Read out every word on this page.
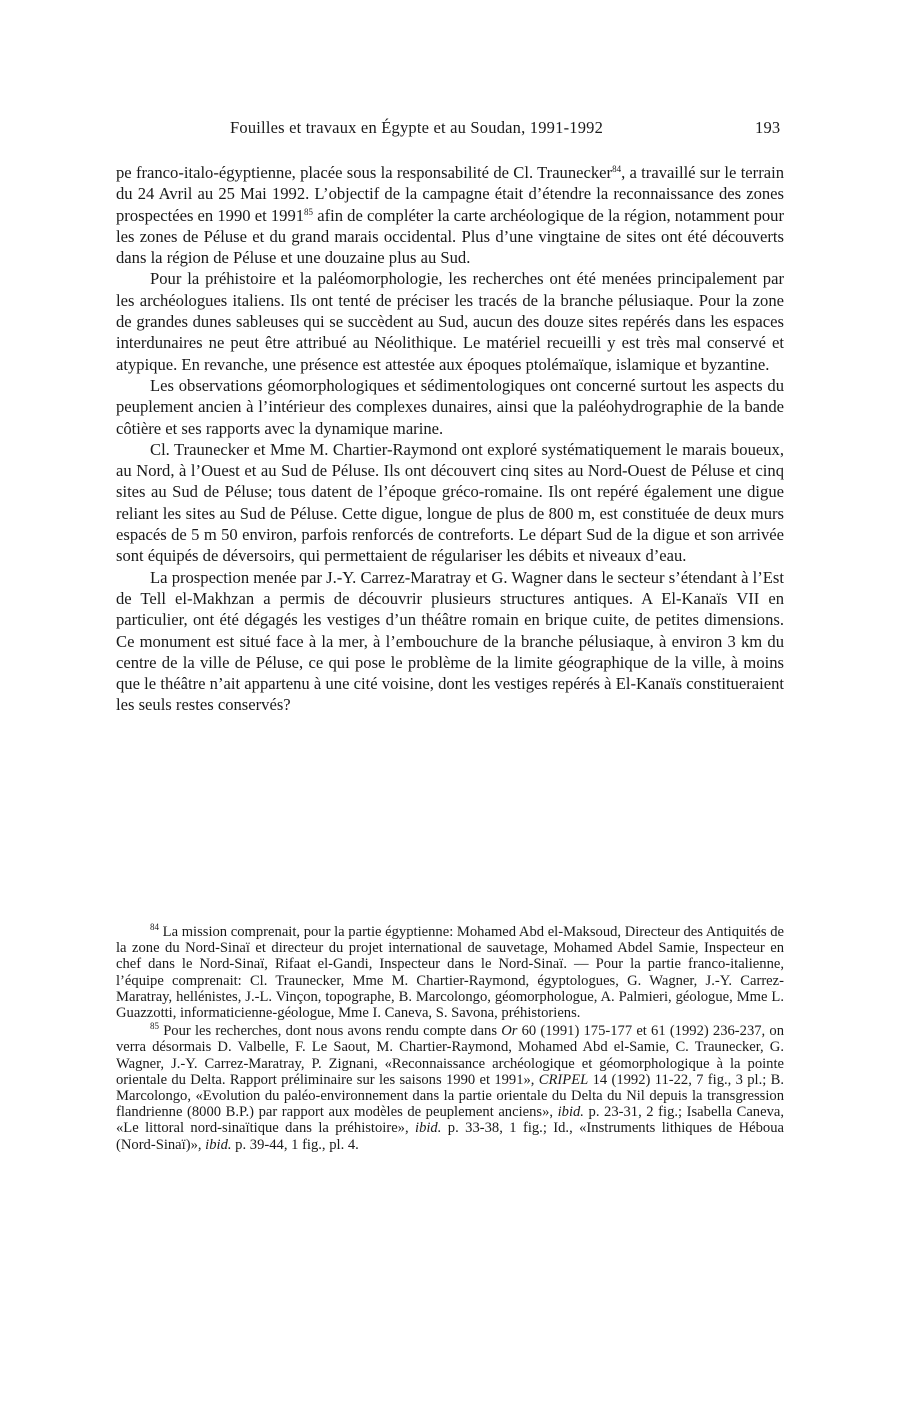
Fouilles et travaux en Égypte et au Soudan, 1991-1992	193

pe franco-italo-égyptienne, placée sous la responsabilité de Cl. Traunecker$^{84}$, a travaillé sur le terrain du 24 Avril au 25 Mai 1992. L’objectif de la campagne était d’étendre la reconnaissance des zones prospectées en 1990 et 1991$^{85}$ afin de compléter la carte archéologique de la région, notamment pour les zones de Péluse et du grand marais occidental. Plus d’une vingtaine de sites ont été découverts dans la région de Péluse et une douzaine plus au Sud.

Pour la préhistoire et la paléomorphologie, les recherches ont été menées principalement par les archéologues italiens. Ils ont tenté de préciser les tracés de la branche pélusiaque. Pour la zone de grandes dunes sableuses qui se succèdent au Sud, aucun des douze sites repérés dans les espaces interdunaires ne peut être attribué au Néolithique. Le matériel recueilli y est très mal conservé et atypique. En revanche, une présence est attestée aux époques ptolémaïque, islamique et byzantine.

Les observations géomorphologiques et sédimentologiques ont concerné surtout les aspects du peuplement ancien à l’intérieur des complexes dunaires, ainsi que la paléohydrographie de la bande côtière et ses rapports avec la dynamique marine.

Cl. Traunecker et Mme M. Chartier-Raymond ont exploré systématiquement le marais boueux, au Nord, à l’Ouest et au Sud de Péluse. Ils ont découvert cinq sites au Nord-Ouest de Péluse et cinq sites au Sud de Péluse; tous datent de l’époque gréco-romaine. Ils ont repéré également une digue reliant les sites au Sud de Péluse. Cette digue, longue de plus de 800 m, est constituée de deux murs espacés de 5 m 50 environ, parfois renforcés de contreforts. Le départ Sud de la digue et son arrivée sont équipés de déversoirs, qui permettaient de régulariser les débits et niveaux d’eau.

La prospection menée par J.-Y. Carrez-Maratray et G. Wagner dans le secteur s’étendant à l’Est de Tell el-Makhzan a permis de découvrir plusieurs structures antiques. A El-Kanaïs VII en particulier, ont été dégagés les vestiges d’un théâtre romain en brique cuite, de petites dimensions. Ce monument est situé face à la mer, à l’embouchure de la branche pélusiaque, à environ 3 km du centre de la ville de Péluse, ce qui pose le problème de la limite géographique de la ville, à moins que le théâtre n’ait appartenu à une cité voisine, dont les vestiges repérés à El-Kanaïs constitueraient les seuls restes conservés?

$^{84}$ La mission comprenait, pour la partie égyptienne: Mohamed Abd el-Maksoud, Directeur des Antiquités de la zone du Nord-Sinaï et directeur du projet international de sauvetage, Mohamed Abdel Samie, Inspecteur en chef dans le Nord-Sinaï, Rifaat el-Gandi, Inspecteur dans le Nord-Sinaï. — Pour la partie franco-italienne, l’équipe comprenait: Cl. Traunecker, Mme M. Chartier-Raymond, égyptologues, G. Wagner, J.-Y. Carrez-Maratray, hellénistes, J.-L. Vinçon, topographe, B. Marcolongo, géomorphologue, A. Palmieri, géologue, Mme L. Guazzotti, informaticienne-géologue, Mme I. Caneva, S. Savona, préhistoriens.

$^{85}$ Pour les recherches, dont nous avons rendu compte dans Or 60 (1991) 175-177 et 61 (1992) 236-237, on verra désormais D. Valbelle, F. Le Saout, M. Chartier-Raymond, Mohamed Abd el-Samie, C. Traunecker, G. Wagner, J.-Y. Carrez-Maratray, P. Zignani, «Reconnaissance archéologique et géomorphologique à la pointe orientale du Delta. Rapport préliminaire sur les saisons 1990 et 1991», CRIPEL 14 (1992) 11-22, 7 fig., 3 pl.; B. Marcolongo, «Evolution du paléo-environnement dans la partie orientale du Delta du Nil depuis la transgression flandrienne (8000 B.P.) par rapport aux modèles de peuplement anciens», ibid. p. 23-31, 2 fig.; Isabella Caneva, «Le littoral nord-sinaïtique dans la préhistoire», ibid. p. 33-38, 1 fig.; Id., «Instruments lithiques de Héboua (Nord-Sinaï)», ibid. p. 39-44, 1 fig., pl. 4.
